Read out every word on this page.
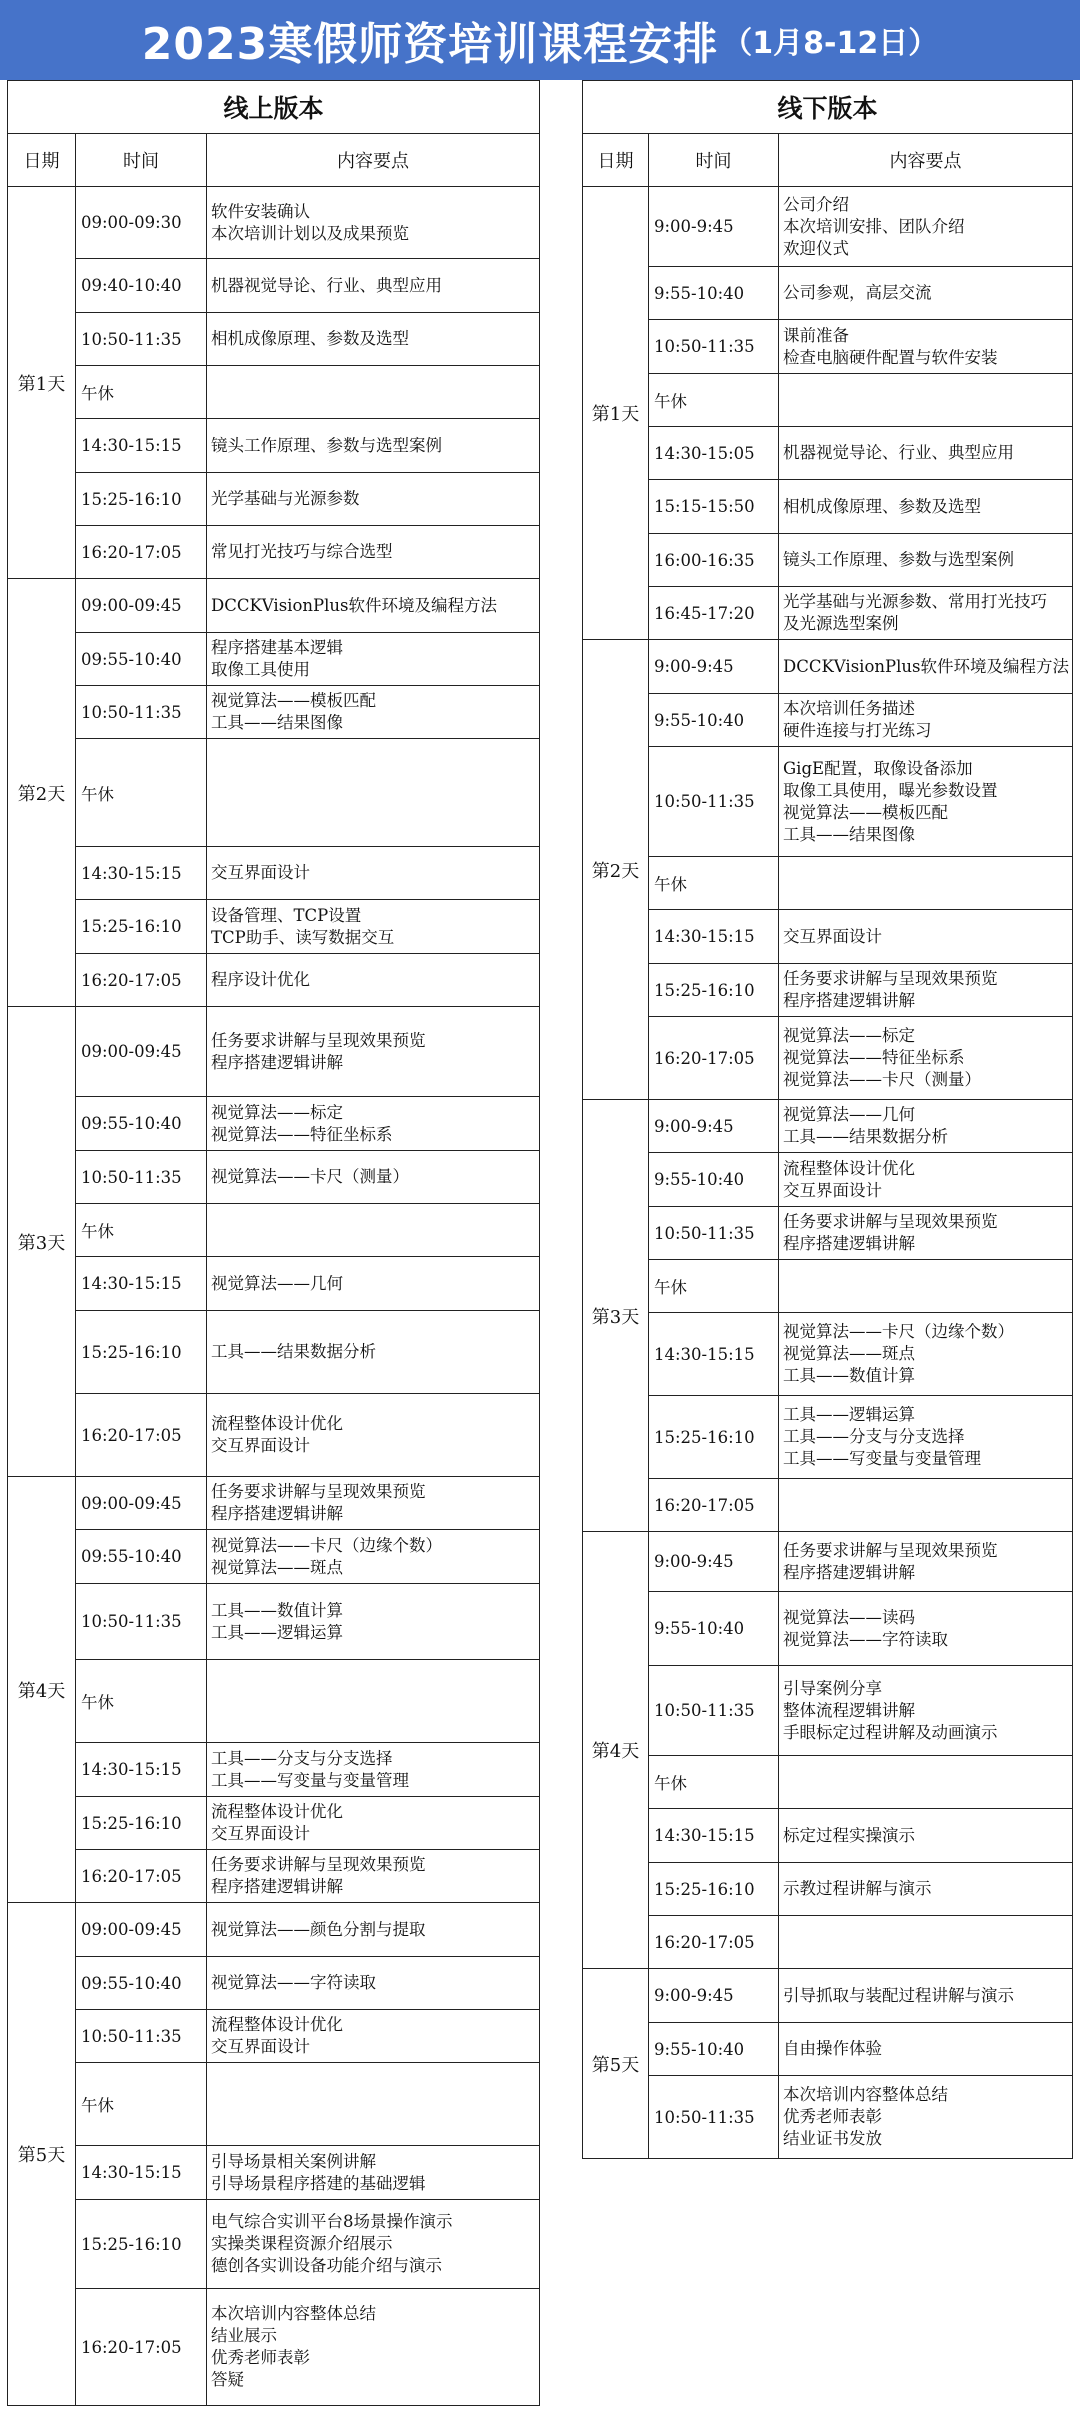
2023寒假师资培训课程安排 （1月8-12日）
线上版本		
日期	时间	内容要点
第1天	09:00-09:30	软件安装确认
本次培训计划以及成果预览

	09:40-10:40	机器视觉导论、行业、典型应用

	10:50-11:35	相机成像原理、参数及选型

	午休	
	14:30-15:15	镜头工作原理、参数与选型案例

	15:25-16:10	光学基础与光源参数

	16:20-17:05	常见打光技巧与综合选型

第2天	09:00-09:45	DCCKVisionPlus软件环境及编程方法

	09:55-10:40	程序搭建基本逻辑
取像工具使用

	10:50-11:35	视觉算法——模板匹配
工具——结果图像

	午休	
	14:30-15:15	交互界面设计

	15:25-16:10	设备管理、TCP设置
TCP助手、读写数据交互

	16:20-17:05	程序设计优化

第3天	09:00-09:45	任务要求讲解与呈现效果预览
程序搭建逻辑讲解

	09:55-10:40	视觉算法——标定
视觉算法——特征坐标系

	10:50-11:35	视觉算法——卡尺（测量）

	午休	
	14:30-15:15	视觉算法——几何

	15:25-16:10	工具——结果数据分析

	16:20-17:05	流程整体设计优化
交互界面设计

第4天	09:00-09:45	任务要求讲解与呈现效果预览
程序搭建逻辑讲解

	09:55-10:40	视觉算法——卡尺（边缘个数）
视觉算法——斑点

	10:50-11:35	工具——数值计算
工具——逻辑运算

	午休	
	14:30-15:15	工具——分支与分支选择
工具——写变量与变量管理

	15:25-16:10	流程整体设计优化
交互界面设计

	16:20-17:05	任务要求讲解与呈现效果预览
程序搭建逻辑讲解

第5天	09:00-09:45	视觉算法——颜色分割与提取

	09:55-10:40	视觉算法——字符读取

	10:50-11:35	流程整体设计优化
交互界面设计

	午休	
	14:30-15:15	引导场景相关案例讲解
引导场景程序搭建的基础逻辑

	15:25-16:10	电气综合实训平台8场景操作演示
实操类课程资源介绍展示
德创各实训设备功能介绍与演示

	16:20-17:05	本次培训内容整体总结
结业展示
优秀老师表彰
答疑
线下版本		
日期	时间	内容要点
第1天	9:00-9:45	公司介绍
本次培训安排、团队介绍
欢迎仪式

	9:55-10:40	公司参观，高层交流

	10:50-11:35	课前准备
检查电脑硬件配置与软件安装

	午休	
	14:30-15:05	机器视觉导论、行业、典型应用

	15:15-15:50	相机成像原理、参数及选型

	16:00-16:35	镜头工作原理、参数与选型案例

	16:45-17:20	光学基础与光源参数、常用打光技巧
及光源选型案例

第2天	9:00-9:45	DCCKVisionPlus软件环境及编程方法

	9:55-10:40	本次培训任务描述
硬件连接与打光练习

	10:50-11:35	GigE配置，取像设备添加
取像工具使用，曝光参数设置
视觉算法——模板匹配
工具——结果图像

	午休	
	14:30-15:15	交互界面设计

	15:25-16:10	任务要求讲解与呈现效果预览
程序搭建逻辑讲解

	16:20-17:05	视觉算法——标定
视觉算法——特征坐标系
视觉算法——卡尺（测量）

第3天	9:00-9:45	视觉算法——几何
工具——结果数据分析

	9:55-10:40	流程整体设计优化
交互界面设计

	10:50-11:35	任务要求讲解与呈现效果预览
程序搭建逻辑讲解

	午休	
	14:30-15:15	视觉算法——卡尺（边缘个数）
视觉算法——斑点
工具——数值计算

	15:25-16:10	工具——逻辑运算
工具——分支与分支选择
工具——写变量与变量管理

	16:20-17:05	
第4天	9:00-9:45	任务要求讲解与呈现效果预览
程序搭建逻辑讲解

	9:55-10:40	视觉算法——读码
视觉算法——字符读取

	10:50-11:35	引导案例分享
整体流程逻辑讲解
手眼标定过程讲解及动画演示

	午休	
	14:30-15:15	标定过程实操演示

	15:25-16:10	示教过程讲解与演示

	16:20-17:05	
第5天	9:00-9:45	引导抓取与装配过程讲解与演示

	9:55-10:40	自由操作体验

	10:50-11:35	本次培训内容整体总结
优秀老师表彰
结业证书发放
